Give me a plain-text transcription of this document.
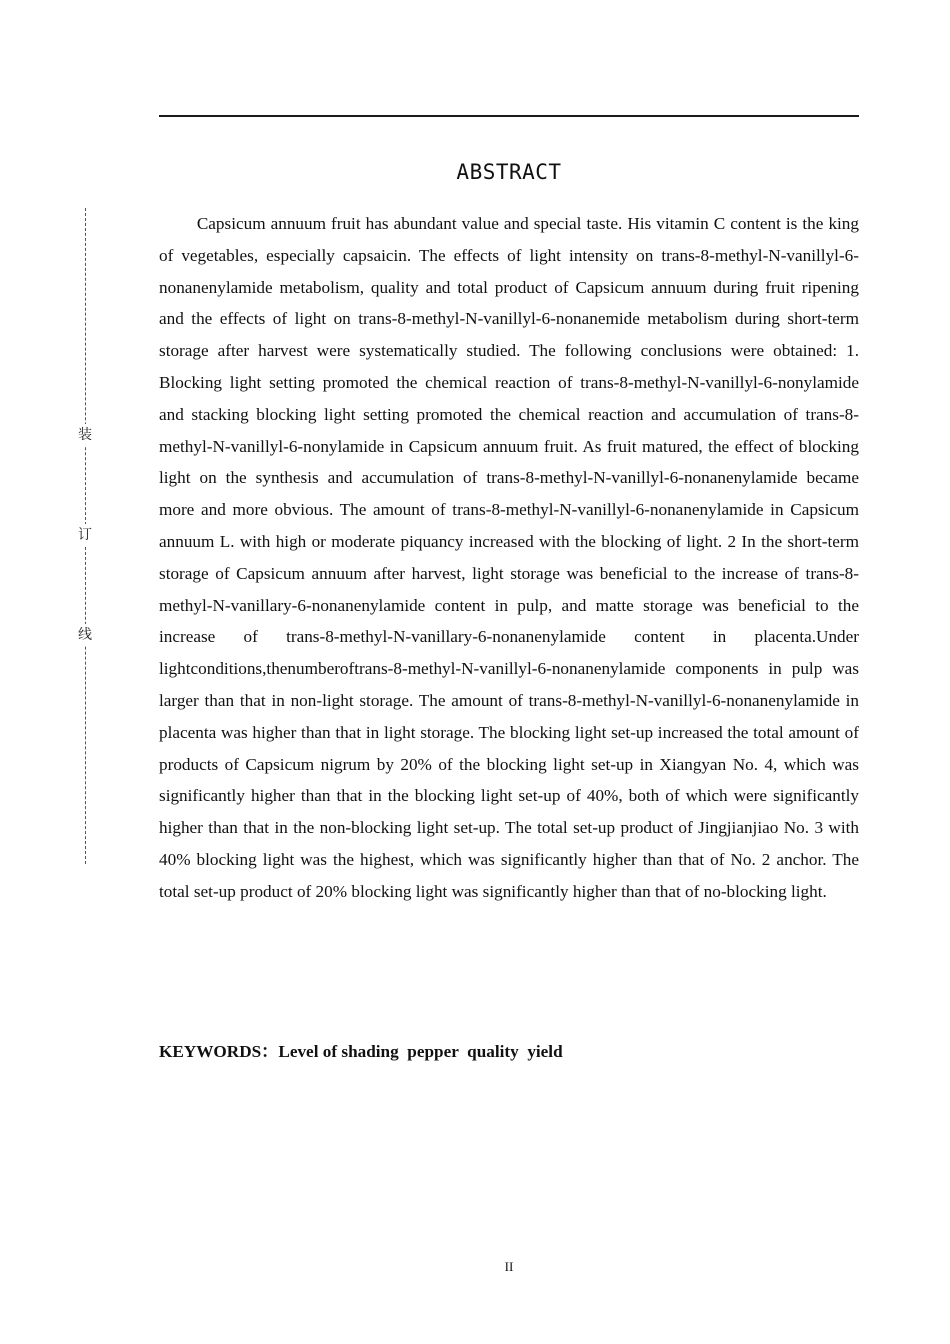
装
订
线
ABSTRACT

Capsicum annuum fruit has abundant value and special taste. His vitamin C content is the king of vegetables, especially capsaicin. The effects of light intensity on trans-8-methyl-N-vanillyl-6-nonanenylamide metabolism, quality and total product of Capsicum annuum during fruit ripening and the effects of light on trans-8-methyl-N-vanillyl-6-nonanemide metabolism during short-term storage after harvest were systematically studied. The following conclusions were obtained: 1. Blocking light setting promoted the chemical reaction of trans-8-methyl-N-vanillyl-6-nonylamide and stacking blocking light setting promoted the chemical reaction and accumulation of trans-8-methyl-N-vanillyl-6-nonylamide in Capsicum annuum fruit. As fruit matured, the effect of blocking light on the synthesis and accumulation of trans-8-methyl-N-vanillyl-6-nonanenylamide became more and more obvious. The amount of trans-8-methyl-N-vanillyl-6-nonanenylamide in Capsicum annuum L. with high or moderate piquancy increased with the blocking of light. 2 In the short-term storage of Capsicum annuum after harvest, light storage was beneficial to the increase of trans-8-methyl-N-vanillary-6-nonanenylamide content in pulp, and matte storage was beneficial to the increase of trans-8-methyl-N-vanillary-6-nonanenylamide content in placenta.Under lightconditions,thenumberoftrans-8-methyl-N-vanillyl-6-nonanenylamide components in pulp was larger than that in non-light storage. The amount of trans-8-methyl-N-vanillyl-6-nonanenylamide in placenta was higher than that in light storage. The blocking light set-up increased the total amount of products of Capsicum nigrum by 20% of the blocking light set-up in Xiangyan No. 4, which was significantly higher than that in the blocking light set-up of 40%, both of which were significantly higher than that in the non-blocking light set-up. The total set-up product of Jingjianjiao No. 3 with 40% blocking light was the highest, which was significantly higher than that of No. 2 anchor. The total set-up product of 20% blocking light was significantly higher than that of no-blocking light.

KEYWORDS：Level of shading  pepper  quality  yield
II
